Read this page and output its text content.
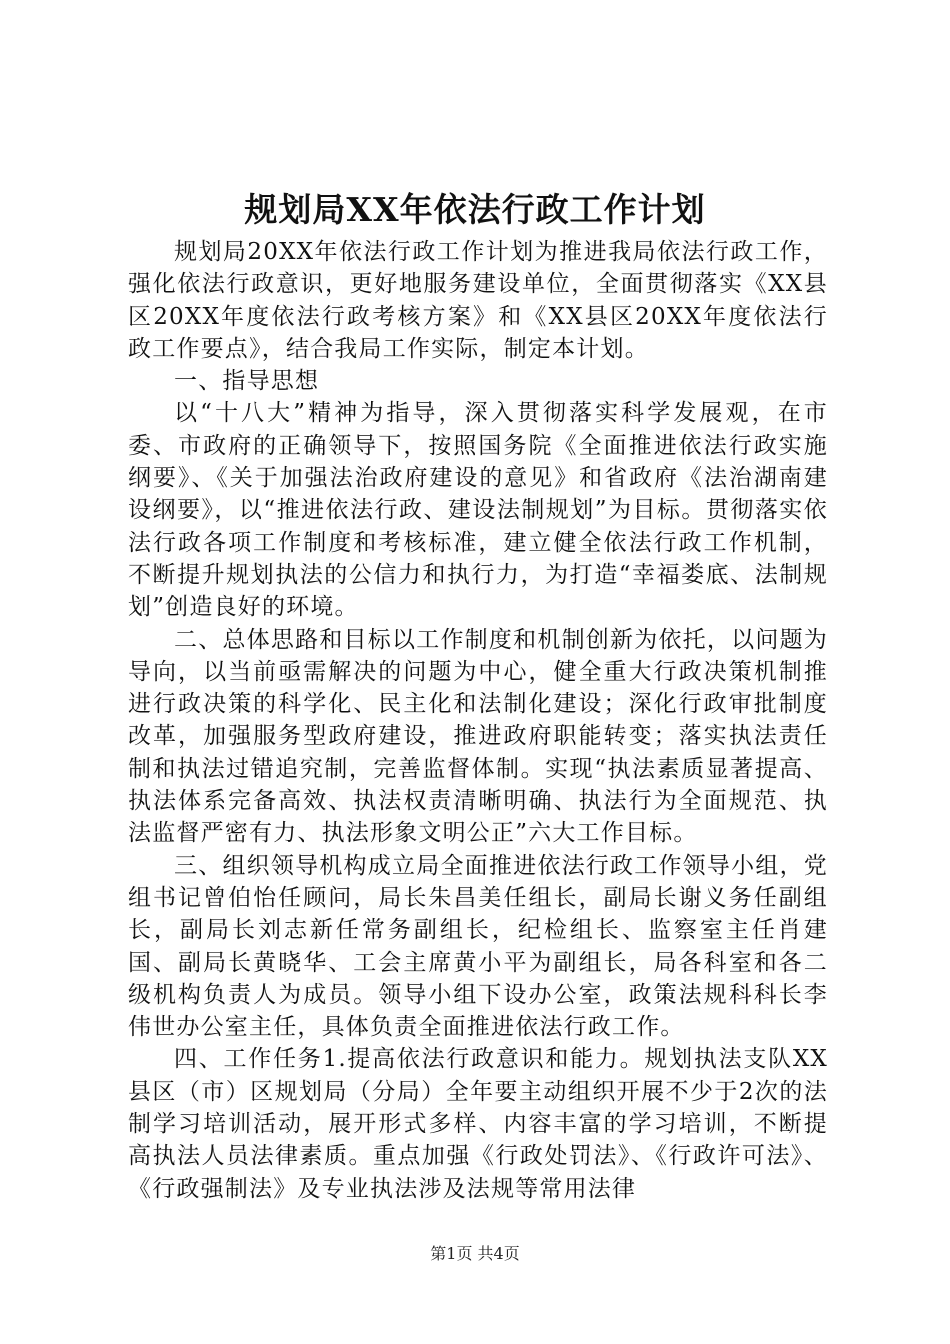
规划局XX年依法行政工作计划

规划局20XX年依法行政工作计划为推进我局依法行政工作，强化依法行政意识，更好地服务建设单位，全面贯彻落实《XX县区20XX年度依法行政考核方案》和《XX县区20XX年度依法行政工作要点》，结合我局工作实际，制定本计划。

一、指导思想

以“十八大”精神为指导，深入贯彻落实科学发展观，在市委、市政府的正确领导下，按照国务院《全面推进依法行政实施纲要》、《关于加强法治政府建设的意见》和省政府《法治湖南建设纲要》，以“推进依法行政、建设法制规划”为目标。贯彻落实依法行政各项工作制度和考核标准，建立健全依法行政工作机制，不断提升规划执法的公信力和执行力，为打造“幸福娄底、法制规划”创造良好的环境。

二、总体思路和目标以工作制度和机制创新为依托，以问题为导向，以当前亟需解决的问题为中心，健全重大行政决策机制推进行政决策的科学化、民主化和法制化建设；深化行政审批制度改革，加强服务型政府建设，推进政府职能转变；落实执法责任制和执法过错追究制，完善监督体制。实现“执法素质显著提高、执法体系完备高效、执法权责清晰明确、执法行为全面规范、执法监督严密有力、执法形象文明公正”六大工作目标。

三、组织领导机构成立局全面推进依法行政工作领导小组，党组书记曾伯怡任顾问，局长朱昌美任组长，副局长谢义务任副组长，副局长刘志新任常务副组长，纪检组长、监察室主任肖建国、副局长黄晓华、工会主席黄小平为副组长，局各科室和各二级机构负责人为成员。领导小组下设办公室，政策法规科科长李伟世办公室主任，具体负责全面推进依法行政工作。

四、工作任务1.提高依法行政意识和能力。规划执法支队XX县区（市）区规划局（分局）全年要主动组织开展不少于2次的法制学习培训活动，展开形式多样、内容丰富的学习培训，不断提高执法人员法律素质。重点加强《行政处罚法》、《行政许可法》、《行政强制法》及专业执法涉及法规等常用法律

第1页 共4页
